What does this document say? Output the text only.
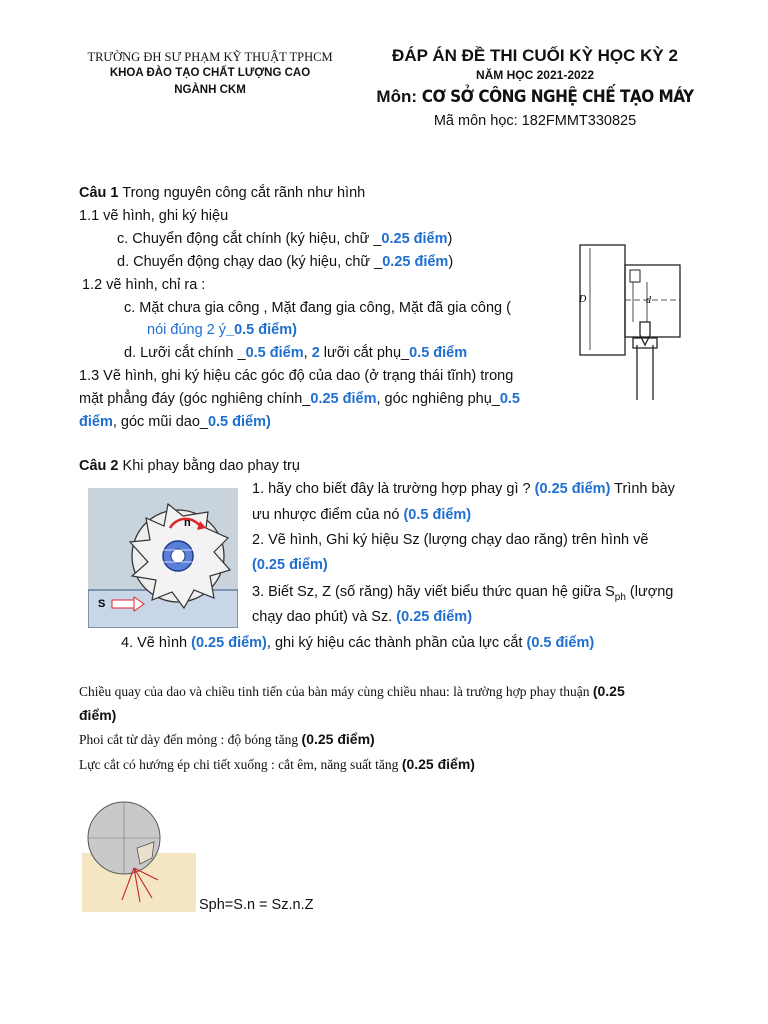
TRƯỜNG ĐH SƯ PHẠM KỸ THUẬT TPHCM
KHOA ĐÀO TẠO CHẤT LƯỢNG CAO
NGÀNH CKM
ĐÁP ÁN ĐỀ THI CUỐI KỲ HỌC KỲ 2
NĂM HỌC 2021-2022
Môn: CƠ SỞ CÔNG NGHỆ CHẾ TẠO MÁY
Mã môn học: 182FMMT330825
Câu 1 Trong nguyên công cắt rãnh như hình
1.1 vẽ hình, ghi ký hiệu
c. Chuyển động cắt chính (ký hiệu, chữ _0.25 điểm)
d. Chuyển động chạy dao (ký hiệu, chữ _0.25 điểm)
1.2 vẽ hình, chỉ ra :
c. Mặt chưa gia công , Mặt đang gia công, Mặt đã gia công (
nói đúng 2 ý_0.5 điểm)
d. Lưỡi cắt chính _0.5 điểm, 2 lưỡi cắt phụ_0.5 điểm
1.3 Vẽ hình, ghi ký hiệu các góc độ của dao (ở trạng thái tĩnh) trong
mặt phẳng đáy (góc nghiêng chính_0.25 điểm, góc nghiêng phụ_0.5
điểm, góc mũi dao_0.5 điểm)
D	d
Câu 2 Khi phay bằng dao phay trụ
n
S
1. hãy cho biết đây là trường hợp phay gì ? (0.25 điểm) Trình bày
ưu nhược điểm của nó (0.5 điểm)
2. Vẽ hình, Ghi ký hiệu Sz (lượng chạy dao răng) trên hình vẽ
(0.25 điểm)
3. Biết Sz, Z (số răng) hãy viết biểu thức quan hệ giữa $S_{ph}$ (lượng
chạy dao phút) và Sz. (0.25 điểm)
4. Vẽ hình (0.25 điểm), ghi ký hiệu các thành phần của lực cắt (0.5 điểm)
Chiều quay của dao và chiều tinh tiến của bàn máy cùng chiều nhau: là trường hợp phay thuận (0.25
điểm)
Phoi cắt từ dày đến mỏng : độ bóng tăng (0.25 điểm)
Lực cắt có hướng ép chi tiết xuống : cắt êm, năng suất tăng (0.25 điểm)
Sph=S.n = Sz.n.Z
